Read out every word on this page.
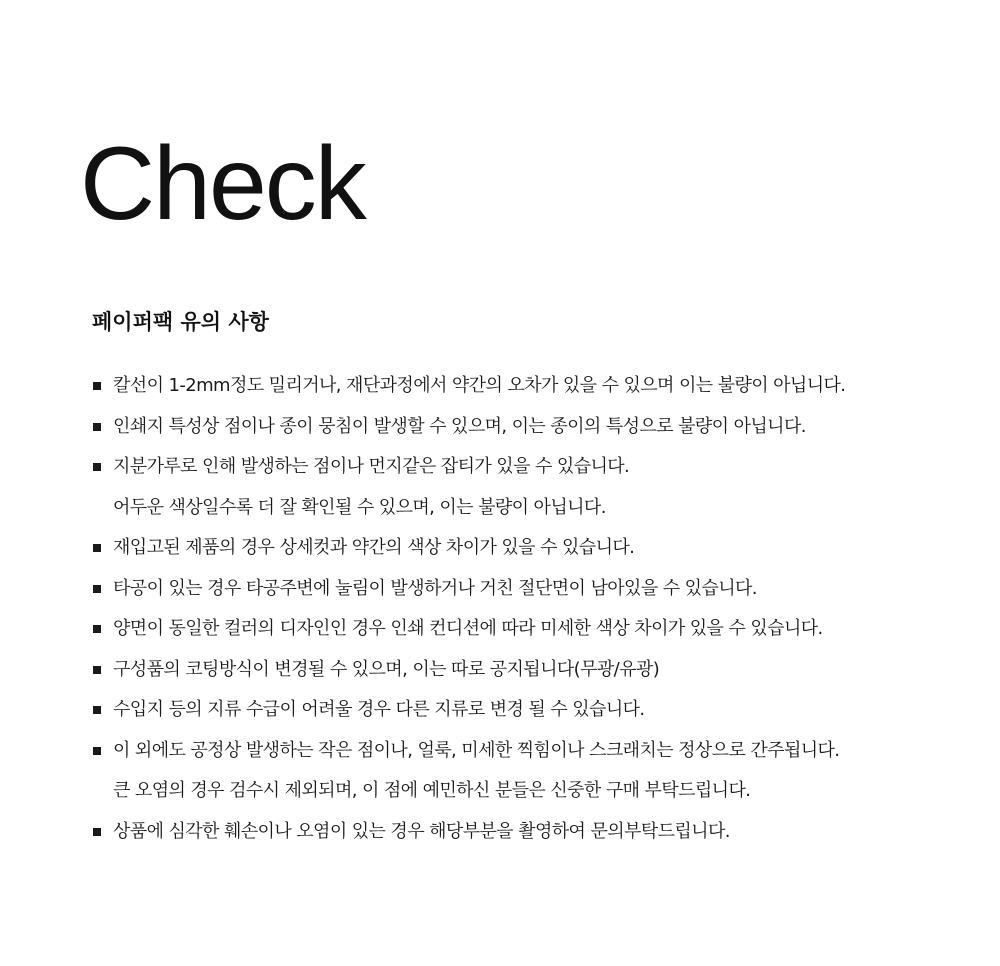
Check
페이퍼팩 유의 사항
칼선이 1-2mm정도 밀리거나, 재단과정에서 약간의 오차가 있을 수 있으며 이는 불량이 아닙니다.
인쇄지 특성상 점이나 종이 뭉침이 발생할 수 있으며, 이는 종이의 특성으로 불량이 아닙니다.
지분가루로 인해 발생하는 점이나 먼지같은 잡티가 있을 수 있습니다.
어두운 색상일수록 더 잘 확인될 수 있으며, 이는 불량이 아닙니다.
재입고된 제품의 경우 상세컷과 약간의 색상 차이가 있을 수 있습니다.
타공이 있는 경우 타공주변에 눌림이 발생하거나 거친 절단면이 남아있을 수 있습니다.
양면이 동일한 컬러의 디자인인 경우 인쇄 컨디션에 따라 미세한 색상 차이가 있을 수 있습니다.
구성품의 코팅방식이 변경될 수 있으며, 이는 따로 공지됩니다(무광/유광)
수입지 등의 지류 수급이 어려울 경우 다른 지류로 변경 될 수 있습니다.
이 외에도 공정상 발생하는 작은 점이나, 얼룩, 미세한 찍힘이나 스크래치는 정상으로 간주됩니다.
큰 오염의 경우 검수시 제외되며, 이 점에 예민하신 분들은 신중한 구매 부탁드립니다.
상품에 심각한 훼손이나 오염이 있는 경우 해당부분을 촬영하여 문의부탁드립니다.
